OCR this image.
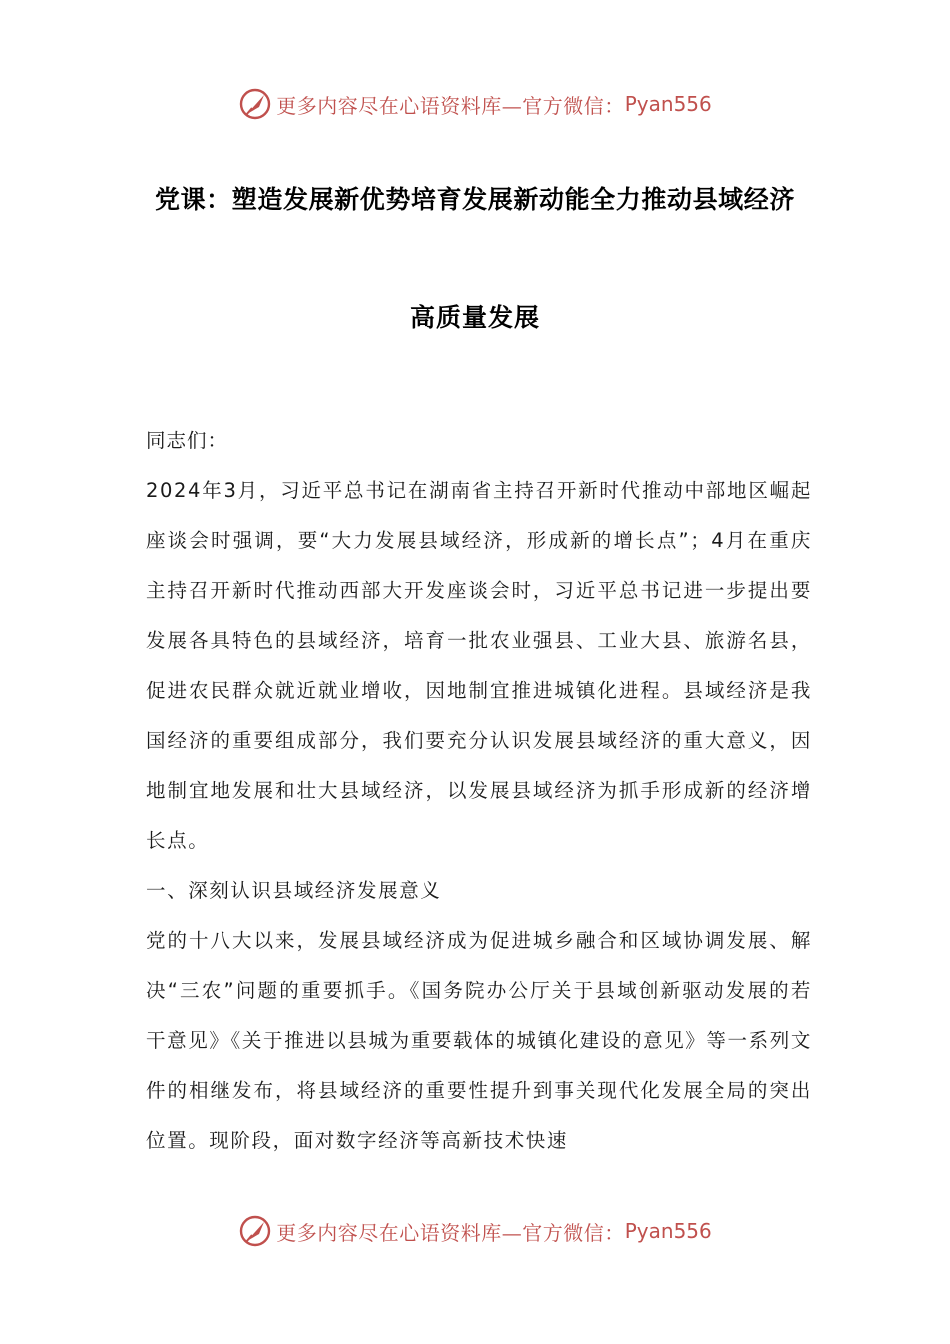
更多内容尽在心语资料库—官方微信： Pyan556
党课：塑造发展新优势培育发展新动能全力推动县域经济
高质量发展

同志们：

2024年3月，习近平总书记在湖南省主持召开新时代推动中部地区崛起座谈会时强调，要“大力发展县域经济，形成新的增长点”；4月在重庆主持召开新时代推动西部大开发座谈会时，习近平总书记进一步提出要发展各具特色的县域经济，培育一批农业强县、工业大县、旅游名县，促进农民群众就近就业增收，因地制宜推进城镇化进程。县域经济是我国经济的重要组成部分，我们要充分认识发展县域经济的重大意义，因地制宜地发展和壮大县域经济，以发展县域经济为抓手形成新的经济增长点。

一、深刻认识县域经济发展意义

党的十八大以来，发展县域经济成为促进城乡融合和区域协调发展、解决“三农”问题的重要抓手。《国务院办公厅关于县域创新驱动发展的若干意见》《关于推进以县城为重要载体的城镇化建设的意见》等一系列文件的相继发布，将县域经济的重要性提升到事关现代化发展全局的突出位置。现阶段，面对数字经济等高新技术快速

更多内容尽在心语资料库—官方微信： Pyan556
